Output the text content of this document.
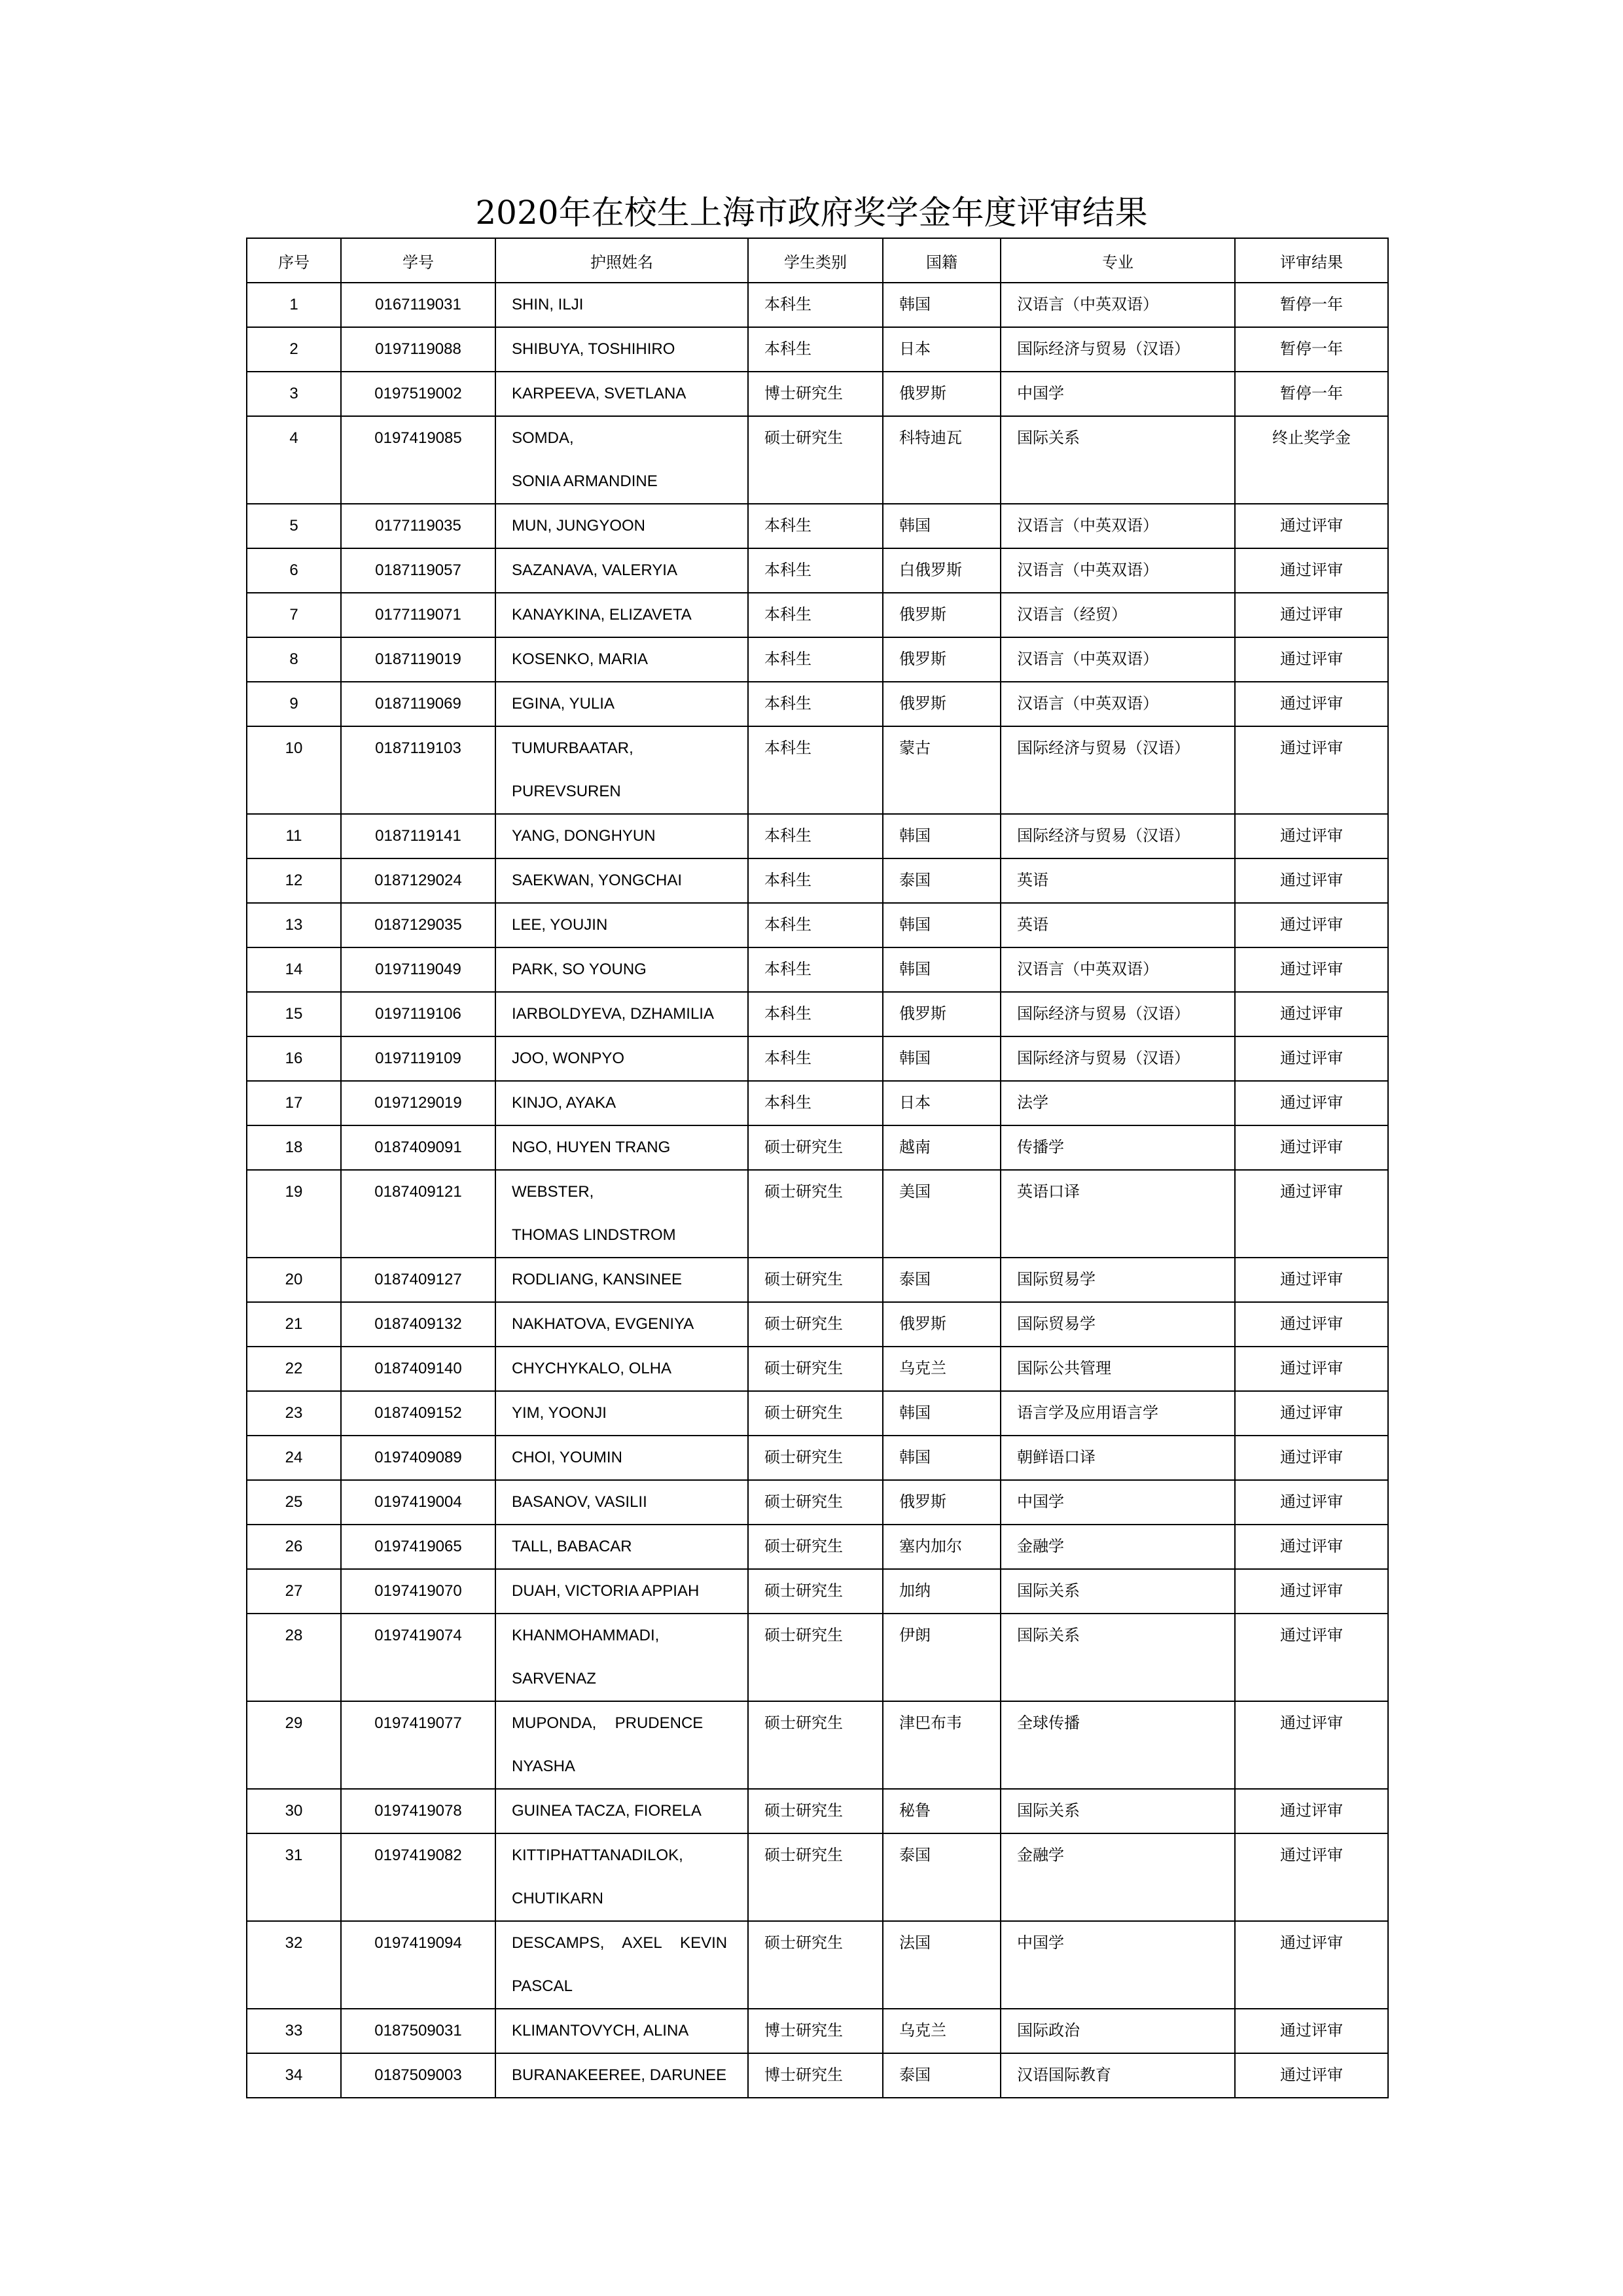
2020年在校生上海市政府奖学金年度评审结果
序号	学号	护照姓名	学生类别	国籍	专业	评审结果

1	0167119031	SHIN, ILJI	本科生	韩国	汉语言（中英双语）	暂停一年

2	0197119088	SHIBUYA, TOSHIHIRO	本科生	日本	国际经济与贸易（汉语）	暂停一年

3	0197519002	KARPEEVA, SVETLANA	博士研究生	俄罗斯	中国学	暂停一年

4	0197419085	SOMDA,
SONIA ARMANDINE	硕士研究生	科特迪瓦	国际关系	终止奖学金

5	0177119035	MUN, JUNGYOON	本科生	韩国	汉语言（中英双语）	通过评审

6	0187119057	SAZANAVA, VALERYIA	本科生	白俄罗斯	汉语言（中英双语）	通过评审

7	0177119071	KANAYKINA, ELIZAVETA	本科生	俄罗斯	汉语言（经贸）	通过评审

8	0187119019	KOSENKO, MARIA	本科生	俄罗斯	汉语言（中英双语）	通过评审

9	0187119069	EGINA, YULIA	本科生	俄罗斯	汉语言（中英双语）	通过评审

10	0187119103	TUMURBAATAR,
PUREVSUREN	本科生	蒙古	国际经济与贸易（汉语）	通过评审

11	0187119141	YANG, DONGHYUN	本科生	韩国	国际经济与贸易（汉语）	通过评审

12	0187129024	SAEKWAN, YONGCHAI	本科生	泰国	英语	通过评审

13	0187129035	LEE, YOUJIN	本科生	韩国	英语	通过评审

14	0197119049	PARK, SO YOUNG	本科生	韩国	汉语言（中英双语）	通过评审

15	0197119106	IARBOLDYEVA, DZHAMILIA	本科生	俄罗斯	国际经济与贸易（汉语）	通过评审

16	0197119109	JOO, WONPYO	本科生	韩国	国际经济与贸易（汉语）	通过评审

17	0197129019	KINJO, AYAKA	本科生	日本	法学	通过评审

18	0187409091	NGO, HUYEN TRANG	硕士研究生	越南	传播学	通过评审

19	0187409121	WEBSTER,
THOMAS LINDSTROM	硕士研究生	美国	英语口译	通过评审

20	0187409127	RODLIANG, KANSINEE	硕士研究生	泰国	国际贸易学	通过评审

21	0187409132	NAKHATOVA, EVGENIYA	硕士研究生	俄罗斯	国际贸易学	通过评审

22	0187409140	CHYCHYKALO, OLHA	硕士研究生	乌克兰	国际公共管理	通过评审

23	0187409152	YIM, YOONJI	硕士研究生	韩国	语言学及应用语言学	通过评审

24	0197409089	CHOI, YOUMIN	硕士研究生	韩国	朝鲜语口译	通过评审

25	0197419004	BASANOV, VASILII	硕士研究生	俄罗斯	中国学	通过评审

26	0197419065	TALL, BABACAR	硕士研究生	塞内加尔	金融学	通过评审

27	0197419070	DUAH, VICTORIA APPIAH	硕士研究生	加纳	国际关系	通过评审

28	0197419074	KHANMOHAMMADI,
SARVENAZ	硕士研究生	伊朗	国际关系	通过评审

29	0197419077	MUPONDA, PRUDENCE
NYASHA	硕士研究生	津巴布韦	全球传播	通过评审

30	0197419078	GUINEA TACZA, FIORELA	硕士研究生	秘鲁	国际关系	通过评审

31	0197419082	KITTIPHATTANADILOK,
CHUTIKARN	硕士研究生	泰国	金融学	通过评审

32	0197419094	DESCAMPS, AXEL KEVIN
PASCAL	硕士研究生	法国	中国学	通过评审

33	0187509031	KLIMANTOVYCH, ALINA	博士研究生	乌克兰	国际政治	通过评审

34	0187509003	BURANAKEEREE, DARUNEE	博士研究生	泰国	汉语国际教育	通过评审
